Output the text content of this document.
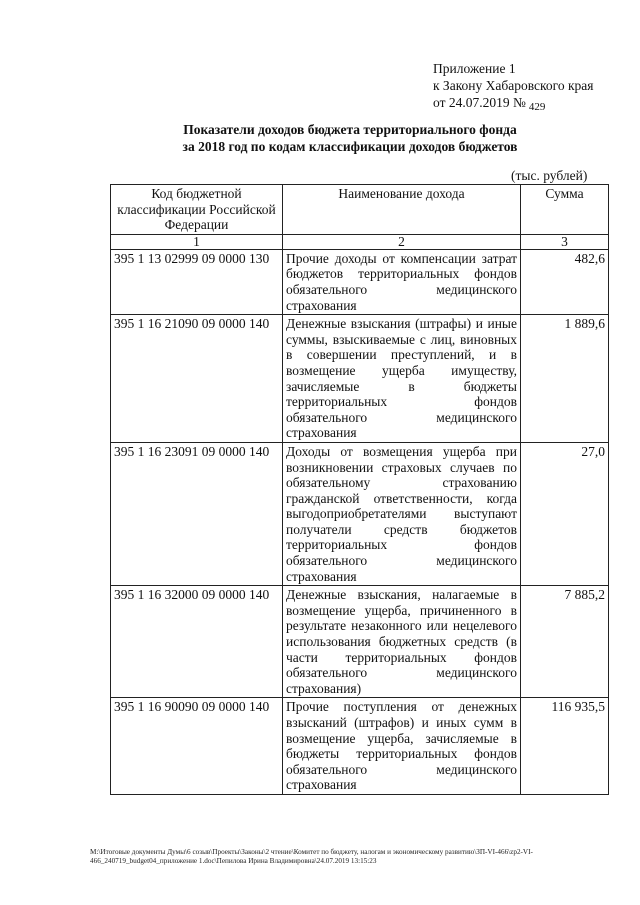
Приложение 1
к Закону Хабаровского края
от 24.07.2019 № $_{429}$
Показатели доходов бюджета территориального фонда
за 2018 год по кодам классификации доходов бюджетов
(тыс. рублей)
Код бюджетной классификации Российской Федерации	Наименование дохода	Сумма
1	2	3
395 1 13 02999 09 0000 130	Прочие доходы от компенсации затрат бюджетов территориальных фондов обязательного медицинского страхования	482,6
395 1 16 21090 09 0000 140	Денежные взыскания (штрафы) и иные суммы, взыскиваемые с лиц, виновных в совершении преступлений, и в возмещение ущерба имуществу, зачисляемые в бюджеты территориальных фондов обязательного медицинского страхования	1 889,6
395 1 16 23091 09 0000 140	Доходы от возмещения ущерба при возникновении страховых случаев по обязательному страхованию гражданской ответственности, когда выгодоприобретателями выступают получатели средств бюджетов территориальных фондов обязательного медицинского страхования	27,0
395 1 16 32000 09 0000 140	Денежные взыскания, налагаемые в возмещение ущерба, причиненного в результате незаконного или нецелевого использования бюджетных средств (в части территориальных фондов обязательного медицинского страхования)	7 885,2
395 1 16 90090 09 0000 140	Прочие поступления от денежных взысканий (штрафов) и иных сумм в возмещение ущерба, зачисляемые в бюджеты территориальных фондов обязательного медицинского страхования	116 935,5
М:\Итоговые документы Думы\6 созыв\Проекты\Законы\2 чтение\Комитет по бюджету, налогам и экономическому развитию\ЗП-VI-466\zp2-VI-466_240719_budget04_приложение 1.doc\Пепилова Ирина Владимировна\24.07.2019 13:15:23
